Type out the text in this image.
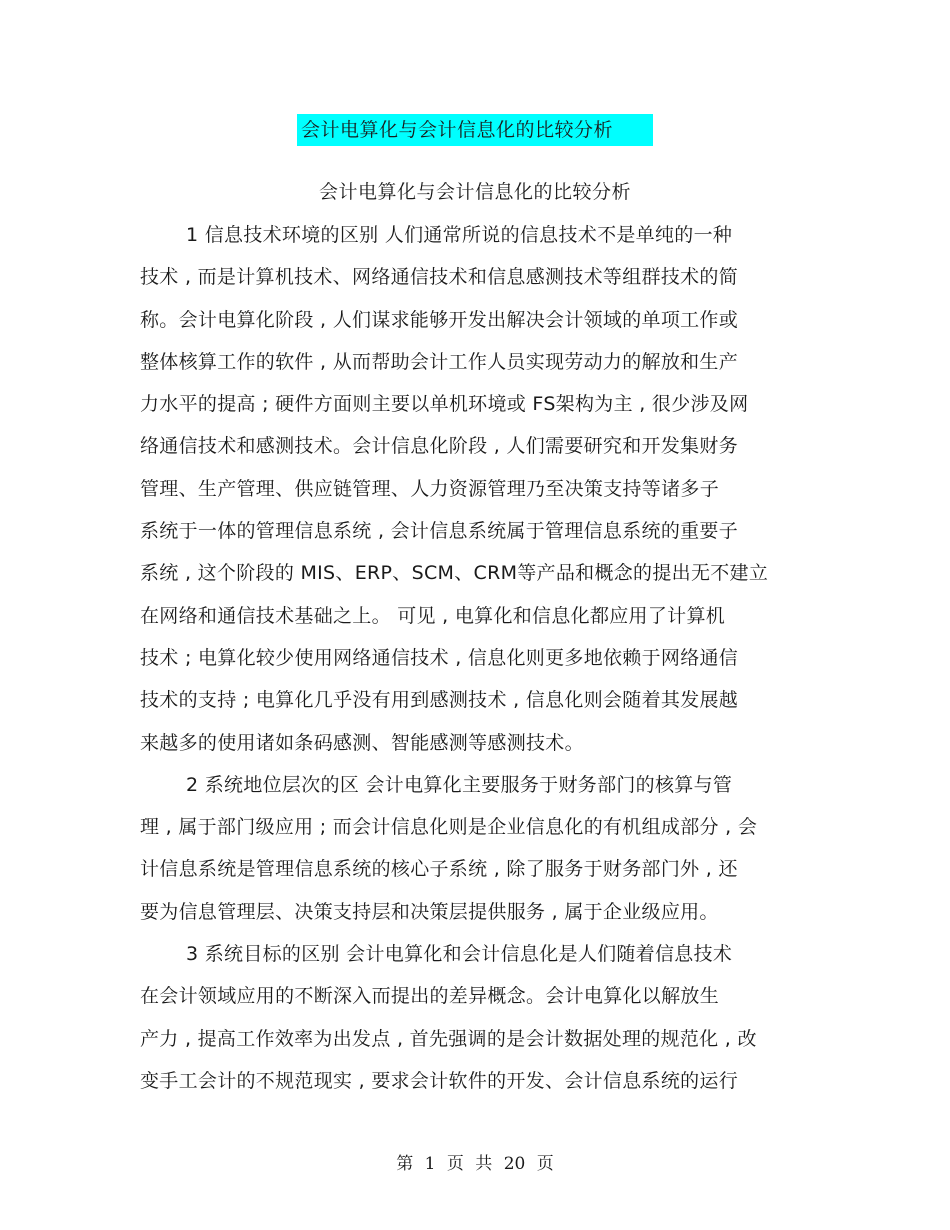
会计电算化与会计信息化的比较分析
会计电算化与会计信息化的比较分析
1 信息技术环境的区别 人们通常所说的信息技术不是单纯的一种
技术 , 而是计算机技术、网络通信技术和信息感测技术等组群技术的简
称。会计电算化阶段 , 人们谋求能够开发出解决会计领域的单项工作或
整体核算工作的软件 , 从而帮助会计工作人员实现劳动力的解放和生产
力水平的提高 ; 硬件方面则主要以单机环境或 FS架构为主 , 很少涉及网
络通信技术和感测技术。会计信息化阶段 , 人们需要研究和开发集财务
管理、生产管理、供应链管理、人力资源管理乃至决策支持等诸多子
系统于一体的管理信息系统 , 会计信息系统属于管理信息系统的重要子
系统 , 这个阶段的 MIS、ERP、SCM、CRM等产品和概念的提出无不建立
在网络和通信技术基础之上。 可见 , 电算化和信息化都应用了计算机
技术 ; 电算化较少使用网络通信技术 , 信息化则更多地依赖于网络通信
技术的支持 ; 电算化几乎没有用到感测技术 , 信息化则会随着其发展越
来越多的使用诸如条码感测、智能感测等感测技术。
2 系统地位层次的区 会计电算化主要服务于财务部门的核算与管
理 , 属于部门级应用 ; 而会计信息化则是企业信息化的有机组成部分 , 会
计信息系统是管理信息系统的核心子系统 , 除了服务于财务部门外 , 还
要为信息管理层、决策支持层和决策层提供服务 , 属于企业级应用。
3 系统目标的区别 会计电算化和会计信息化是人们随着信息技术
在会计领域应用的不断深入而提出的差异概念。会计电算化以解放生
产力 , 提高工作效率为出发点 , 首先强调的是会计数据处理的规范化 , 改
变手工会计的不规范现实 , 要求会计软件的开发、会计信息系统的运行
第 1 页 共 20 页
